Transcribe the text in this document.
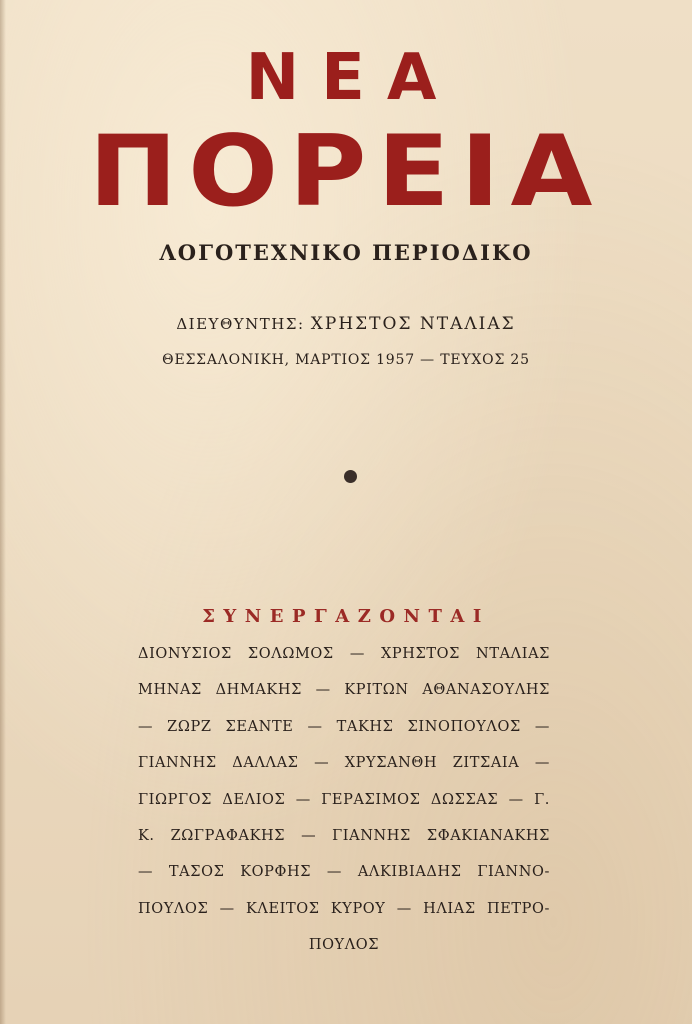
ΝΕΑ
ΠΟΡΕΙΑ
ΛΟΓΟΤΕΧΝΙΚΟ ΠΕΡΙΟΔΙΚΟ
ΔΙΕΥΘΥΝΤΗΣ: ΧΡΗΣΤΟΣ ΝΤΑΛΙΑΣ
ΘΕΣΣΑΛΟΝΙΚΗ, ΜΑΡΤΙΟΣ 1957 — ΤΕΥΧΟΣ 25
ΣΥΝΕΡΓΑΖΟΝΤΑΙ
ΔΙΟΝΥΣΙΟΣ ΣΟΛΩΜΟΣ — ΧΡΗΣΤΟΣ ΝΤΑΛΙΑΣ
ΜΗΝΑΣ ΔΗΜΑΚΗΣ — ΚΡΙΤΩΝ ΑΘΑΝΑΣΟΥΛΗΣ
— ΖΩΡΖ ΣΕΑΝΤΕ — ΤΑΚΗΣ ΣΙΝΟΠΟΥΛΟΣ —
ΓΙΑΝΝΗΣ ΔΑΛΛΑΣ — ΧΡΥΣΑΝΘΗ ΖΙΤΣΑΙΑ —
ΓΙΩΡΓΟΣ ΔΕΛΙΟΣ — ΓΕΡΑΣΙΜΟΣ ΔΩΣΣΑΣ — Γ.
Κ. ΖΩΓΡΑΦΑΚΗΣ — ΓΙΑΝΝΗΣ ΣΦΑΚΙΑΝΑΚΗΣ
— ΤΑΣΟΣ ΚΟΡΦΗΣ — ΑΛΚΙΒΙΑΔΗΣ ΓΙΑΝΝΟ-
ΠΟΥΛΟΣ — ΚΛΕΙΤΟΣ ΚΥΡΟΥ — ΗΛΙΑΣ ΠΕΤΡΟ-
ΠΟΥΛΟΣ
